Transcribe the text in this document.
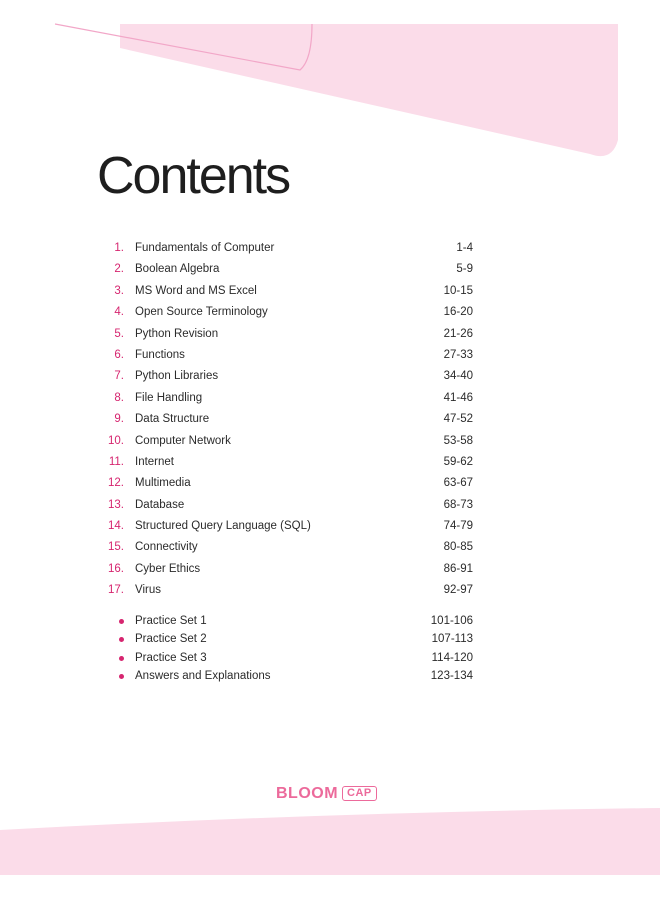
Contents
1. Fundamentals of Computer	1-4
2. Boolean Algebra	5-9
3. MS Word and MS Excel	10-15
4. Open Source Terminology	16-20
5. Python Revision	21-26
6. Functions	27-33
7. Python Libraries	34-40
8. File Handling	41-46
9. Data Structure	47-52
10. Computer Network	53-58
11. Internet	59-62
12. Multimedia	63-67
13. Database	68-73
14. Structured Query Language (SQL)	74-79
15. Connectivity	80-85
16. Cyber Ethics	86-91
17. Virus	92-97
Practice Set 1	101-106
Practice Set 2	107-113
Practice Set 3	114-120
Answers and Explanations	123-134
BLOOM CAP
